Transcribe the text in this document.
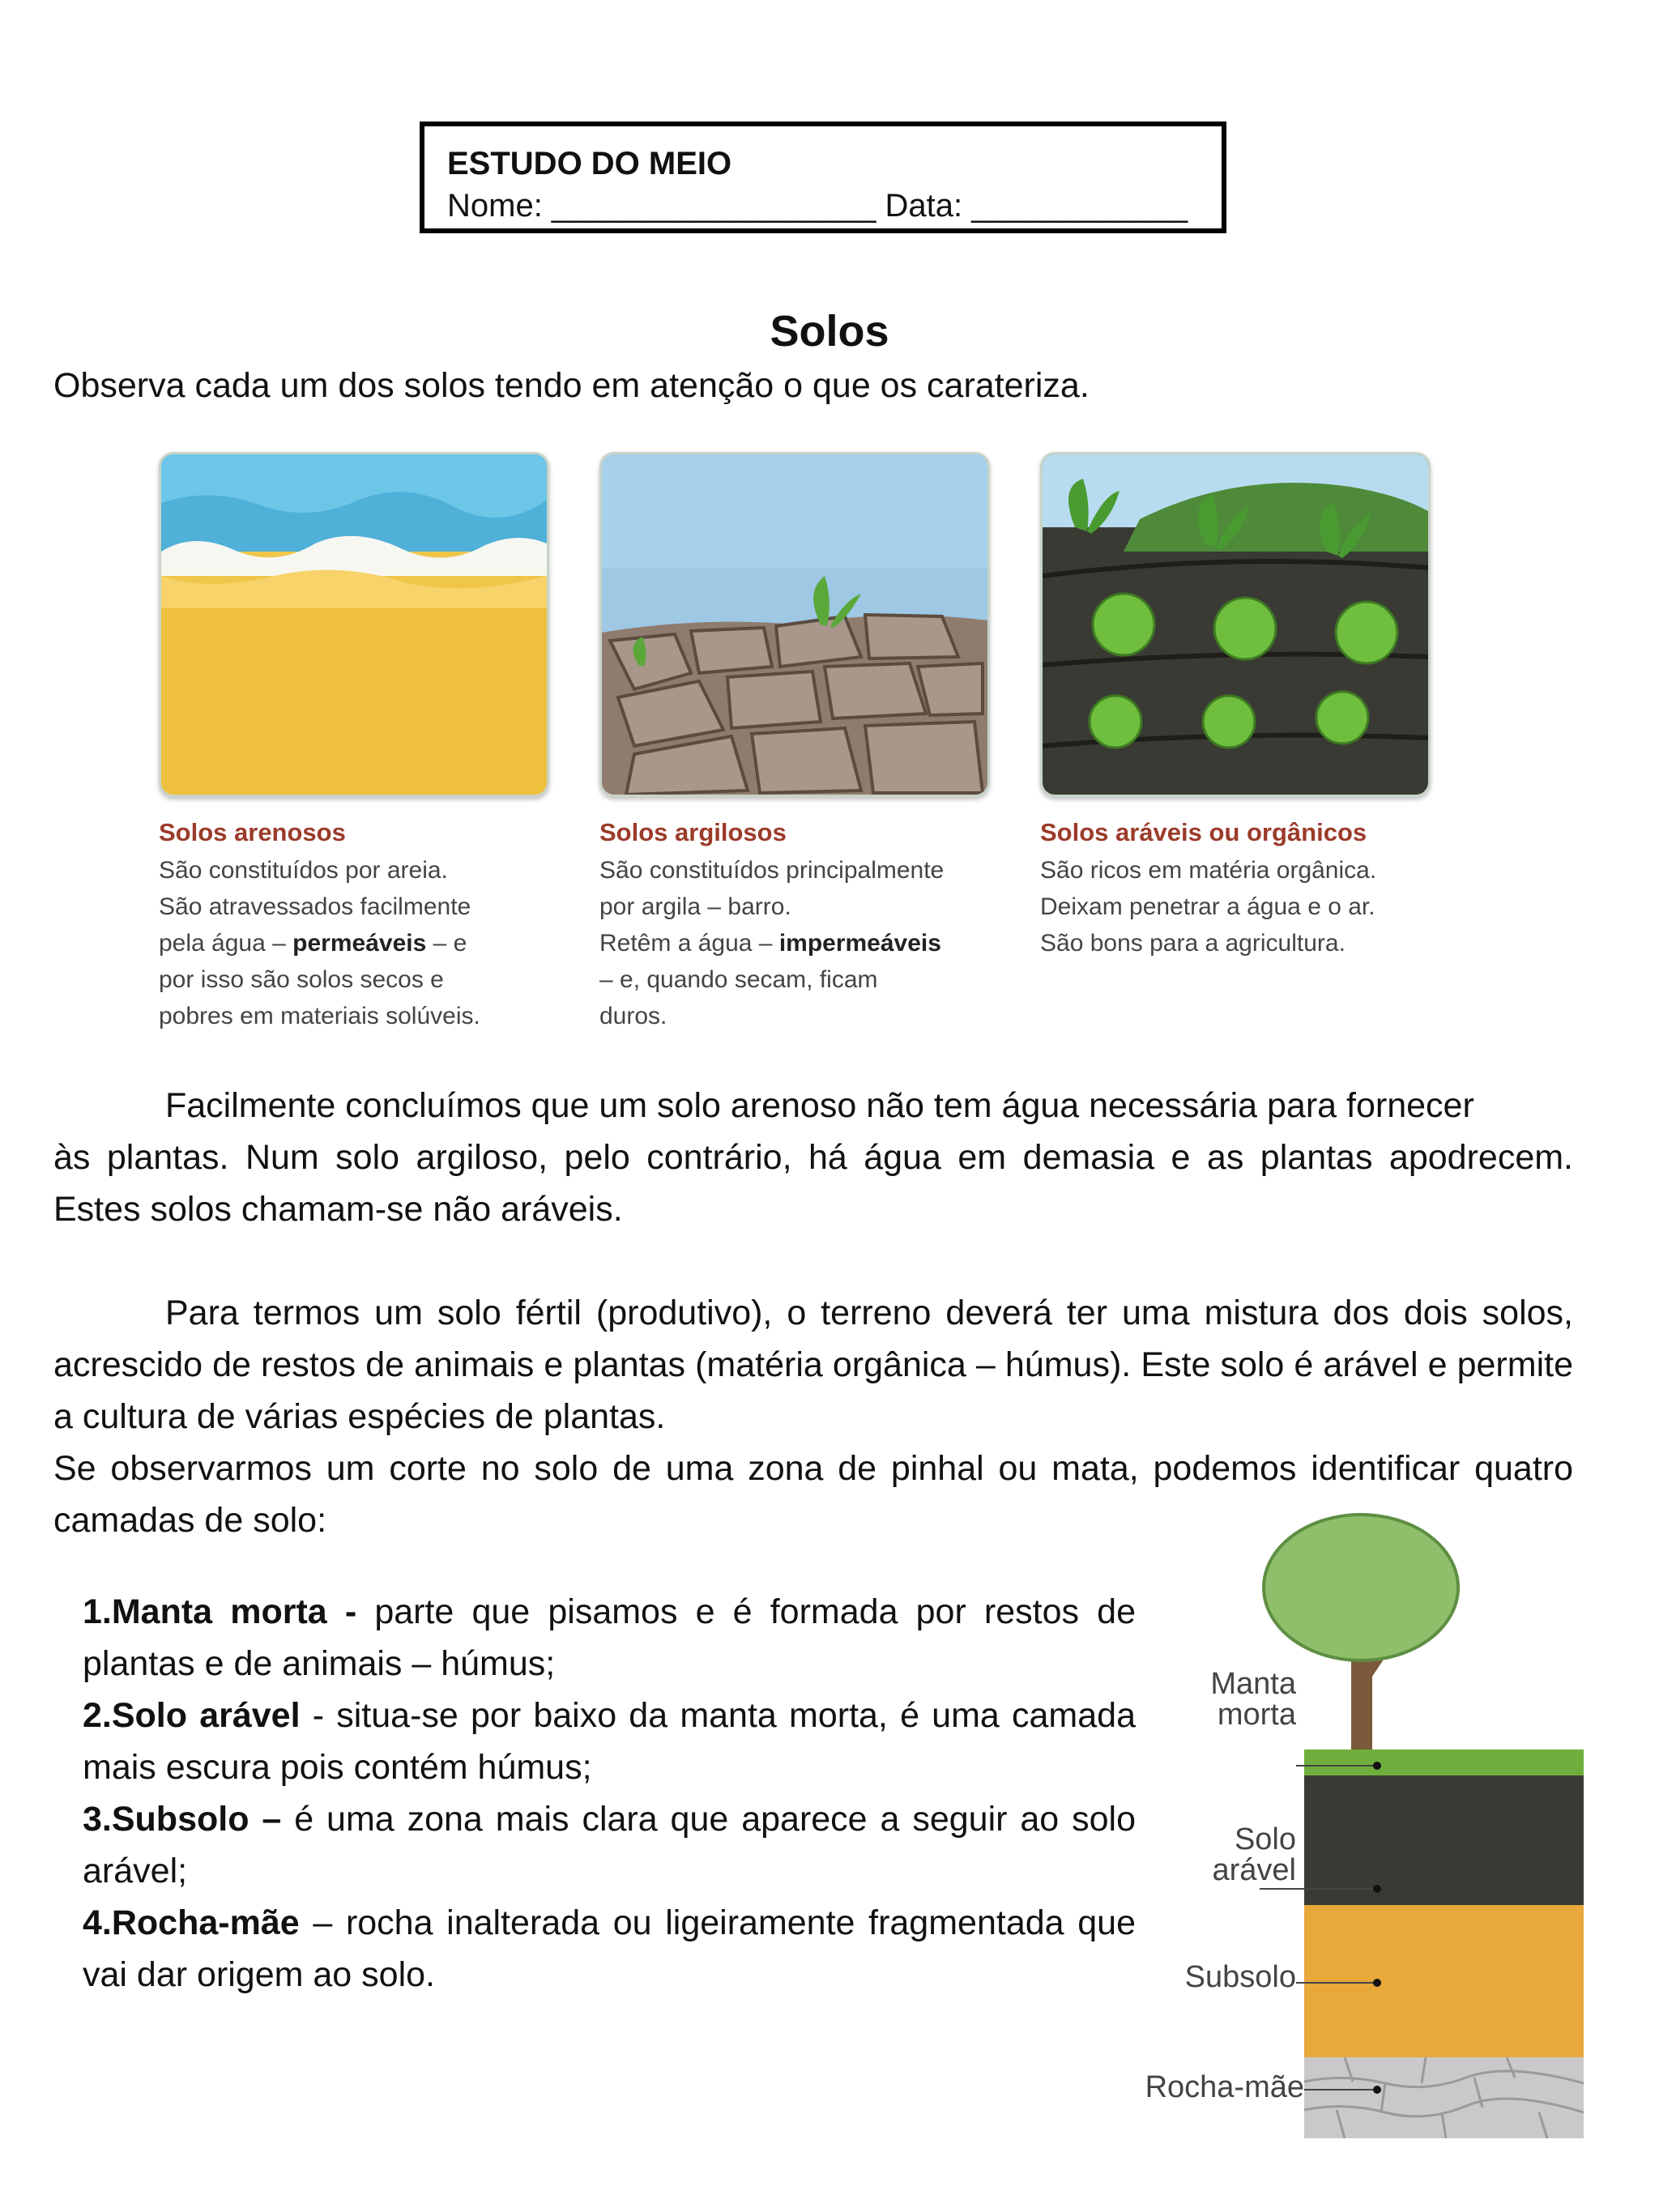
ESTUDO DO MEIO
Nome: __________________ Data: ____________
Solos
Observa cada um dos solos tendo em atenção o que os carateriza.
Solos arenosos
São constituídos por areia.
São atravessados facilmente
pela água – permeáveis – e
por isso são solos secos e
pobres em materiais solúveis.
Solos argilosos
São constituídos principalmente
por argila – barro.
Retêm a água – impermeáveis
– e, quando secam, ficam
duros.
Solos aráveis ou orgânicos
São ricos em matéria orgânica.
Deixam penetrar a água e o ar.
São bons para a agricultura.
Facilmente concluímos que um solo arenoso não tem água necessária para fornecer
às plantas. Num solo argiloso, pelo contrário, há água em demasia e as plantas apodrecem. Estes solos chamam-se não aráveis.
Para termos um solo fértil (produtivo), o terreno deverá ter uma mistura dos dois solos, acrescido de restos de animais e plantas (matéria orgânica – húmus). Este solo é arável e permite a cultura de várias espécies de plantas.
Se observarmos um corte no solo de uma zona de pinhal ou mata, podemos identificar quatro camadas de solo:

1.Manta morta - parte que pisamos e é formada por restos de plantas e de animais – húmus;

2.Solo arável - situa-se por baixo da manta morta, é uma camada mais escura pois contém húmus;

3.Subsolo – é uma zona mais clara que aparece a seguir ao solo arável;

4.Rocha-mãe – rocha inalterada ou ligeiramente fragmentada que vai dar origem ao solo.

Manta
morta
Solo
arável
Subsolo
Rocha-mãe
